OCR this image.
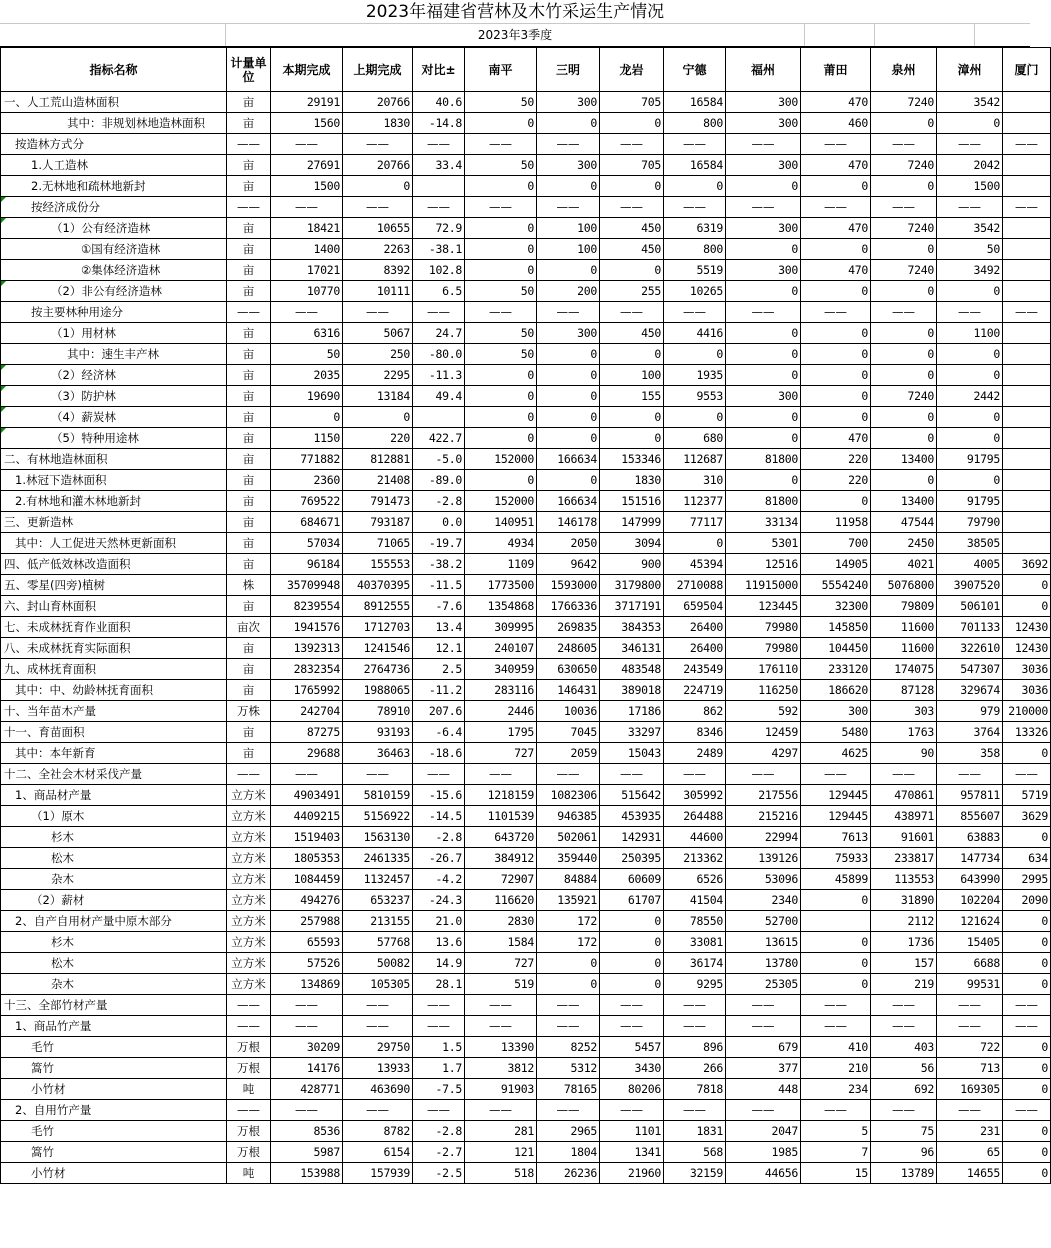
2023年福建省营林及木竹采运生产情况
2023年3季度
指标名称	计量单位	本期完成	上期完成	对比±	南平	三明	龙岩	宁德	福州	莆田	泉州	漳州	厦门
一、人工荒山造林面积	亩	29191	20766	40.6	50	300	705	16584	300	470	7240	3542	
其中：非规划林地造林面积	亩	1560	1830	-14.8	0	0	0	800	300	460	0	0	
按造林方式分	——	——	——	——	——	——	——	——	——	——	——	——	——
1.人工造林	亩	27691	20766	33.4	50	300	705	16584	300	470	7240	2042	
2.无林地和疏林地新封	亩	1500	0		0	0	0	0	0	0	0	1500	
按经济成份分	——	——	——	——	——	——	——	——	——	——	——	——	——
（1）公有经济造林	亩	18421	10655	72.9	0	100	450	6319	300	470	7240	3542	
①国有经济造林	亩	1400	2263	-38.1	0	100	450	800	0	0	0	50	
②集体经济造林	亩	17021	8392	102.8	0	0	0	5519	300	470	7240	3492	
（2）非公有经济造林	亩	10770	10111	6.5	50	200	255	10265	0	0	0	0	
按主要林种用途分	——	——	——	——	——	——	——	——	——	——	——	——	——
（1）用材林	亩	6316	5067	24.7	50	300	450	4416	0	0	0	1100	
其中：速生丰产林	亩	50	250	-80.0	50	0	0	0	0	0	0	0	
（2）经济林	亩	2035	2295	-11.3	0	0	100	1935	0	0	0	0	
（3）防护林	亩	19690	13184	49.4	0	0	155	9553	300	0	7240	2442	
（4）薪炭林	亩	0	0		0	0	0	0	0	0	0	0	
（5）特种用途林	亩	1150	220	422.7	0	0	0	680	0	470	0	0	
二、有林地造林面积	亩	771882	812881	-5.0	152000	166634	153346	112687	81800	220	13400	91795	
1.林冠下造林面积	亩	2360	21408	-89.0	0	0	1830	310	0	220	0	0	
2.有林地和灌木林地新封	亩	769522	791473	-2.8	152000	166634	151516	112377	81800	0	13400	91795	
三、更新造林	亩	684671	793187	0.0	140951	146178	147999	77117	33134	11958	47544	79790	
其中：人工促进天然林更新面积	亩	57034	71065	-19.7	4934	2050	3094	0	5301	700	2450	38505	
四、低产低效林改造面积	亩	96184	155553	-38.2	1109	9642	900	45394	12516	14905	4021	4005	3692
五、零星(四旁)植树	株	35709948	40370395	-11.5	1773500	1593000	3179800	2710088	11915000	5554240	5076800	3907520	0
六、封山育林面积	亩	8239554	8912555	-7.6	1354868	1766336	3717191	659504	123445	32300	79809	506101	0
七、未成林抚育作业面积	亩次	1941576	1712703	13.4	309995	269835	384353	26400	79980	145850	11600	701133	12430
八、未成林抚育实际面积	亩	1392313	1241546	12.1	240107	248605	346131	26400	79980	104450	11600	322610	12430
九、成林抚育面积	亩	2832354	2764736	2.5	340959	630650	483548	243549	176110	233120	174075	547307	3036
其中：中、幼龄林抚育面积	亩	1765992	1988065	-11.2	283116	146431	389018	224719	116250	186620	87128	329674	3036
十、当年苗木产量	万株	242704	78910	207.6	2446	10036	17186	862	592	300	303	979	210000
十一、育苗面积	亩	87275	93193	-6.4	1795	7045	33297	8346	12459	5480	1763	3764	13326
其中：本年新育	亩	29688	36463	-18.6	727	2059	15043	2489	4297	4625	90	358	0
十二、全社会木材采伐产量	——	——	——	——	——	——	——	——	——	——	——	——	——
1、商品材产量	立方米	4903491	5810159	-15.6	1218159	1082306	515642	305992	217556	129445	470861	957811	5719
（1）原木	立方米	4409215	5156922	-14.5	1101539	946385	453935	264488	215216	129445	438971	855607	3629
杉木	立方米	1519403	1563130	-2.8	643720	502061	142931	44600	22994	7613	91601	63883	0
松木	立方米	1805353	2461335	-26.7	384912	359440	250395	213362	139126	75933	233817	147734	634
杂木	立方米	1084459	1132457	-4.2	72907	84884	60609	6526	53096	45899	113553	643990	2995
（2）薪材	立方米	494276	653237	-24.3	116620	135921	61707	41504	2340	0	31890	102204	2090
2、自产自用材产量中原木部分	立方米	257988	213155	21.0	2830	172	0	78550	52700		2112	121624	0
杉木	立方米	65593	57768	13.6	1584	172	0	33081	13615	0	1736	15405	0
松木	立方米	57526	50082	14.9	727	0	0	36174	13780	0	157	6688	0
杂木	立方米	134869	105305	28.1	519	0	0	9295	25305	0	219	99531	0
十三、全部竹材产量	——	——	——	——	——	——	——	——	——	——	——	——	——
1、商品竹产量	——	——	——	——	——	——	——	——	——	——	——	——	——
毛竹	万根	30209	29750	1.5	13390	8252	5457	896	679	410	403	722	0
篙竹	万根	14176	13933	1.7	3812	5312	3430	266	377	210	56	713	0
小竹材	吨	428771	463690	-7.5	91903	78165	80206	7818	448	234	692	169305	0
2、自用竹产量	——	——	——	——	——	——	——	——	——	——	——	——	——
毛竹	万根	8536	8782	-2.8	281	2965	1101	1831	2047	5	75	231	0
篙竹	万根	5987	6154	-2.7	121	1804	1341	568	1985	7	96	65	0
小竹材	吨	153988	157939	-2.5	518	26236	21960	32159	44656	15	13789	14655	0
